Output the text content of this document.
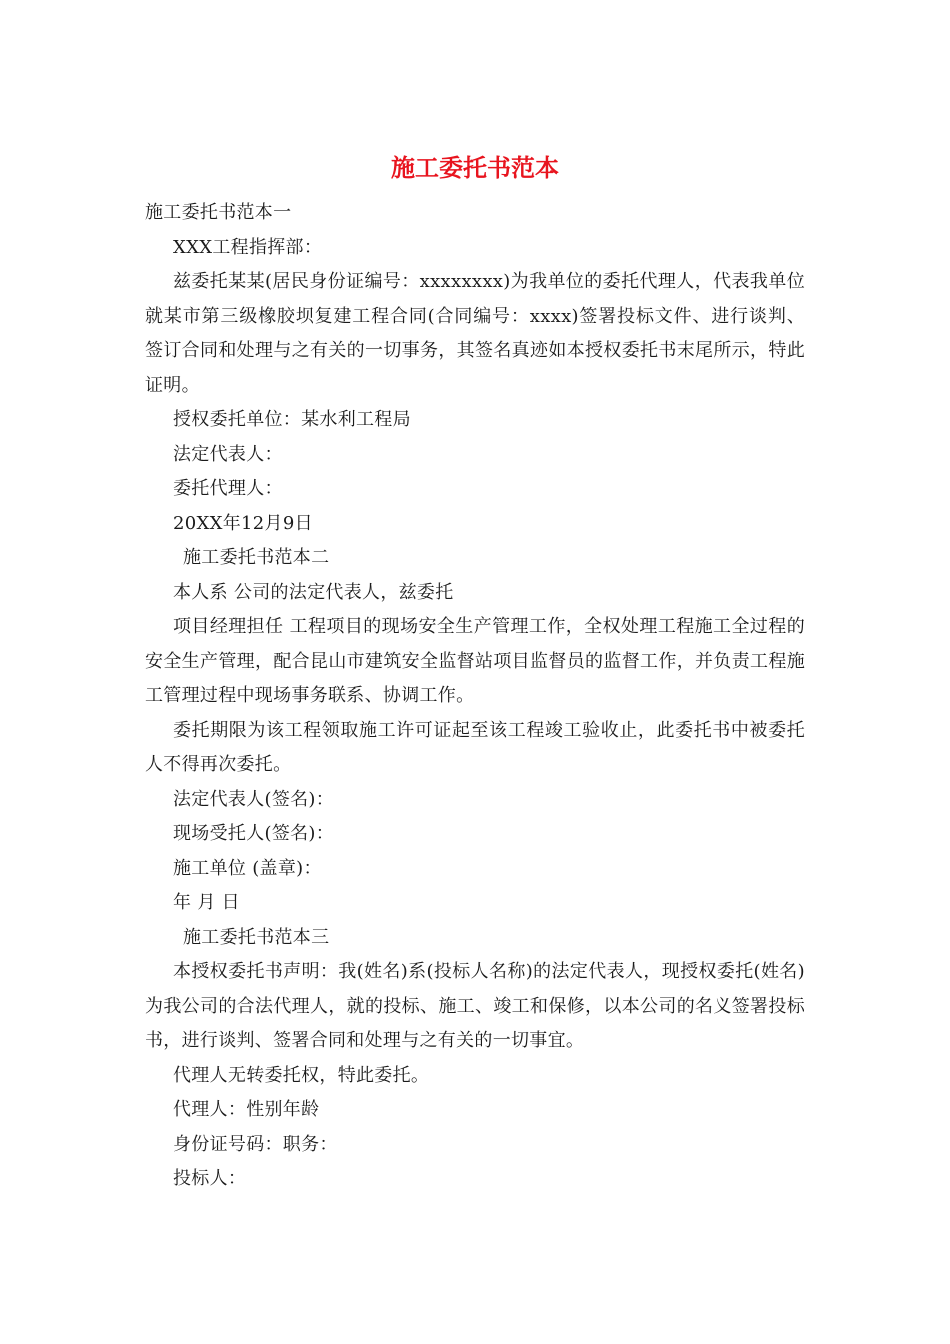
施工委托书范本

施工委托书范本一

XXX工程指挥部：

兹委托某某(居民身份证编号：xxxxxxxx)为我单位的委托代理人，代表我单位就某市第三级橡胶坝复建工程合同(合同编号：xxxx)签署投标文件、进行谈判、签订合同和处理与之有关的一切事务，其签名真迹如本授权委托书末尾所示，特此证明。

授权委托单位：某水利工程局

法定代表人：

委托代理人：

20XX年12月9日

施工委托书范本二

本人系 公司的法定代表人，兹委托

项目经理担任 工程项目的现场安全生产管理工作，全权处理工程施工全过程的安全生产管理，配合昆山市建筑安全监督站项目监督员的监督工作，并负责工程施工管理过程中现场事务联系、协调工作。

委托期限为该工程领取施工许可证起至该工程竣工验收止，此委托书中被委托人不得再次委托。

法定代表人(签名)：

现场受托人(签名)：

施工单位 (盖章)：

年 月 日

施工委托书范本三

本授权委托书声明：我(姓名)系(投标人名称)的法定代表人，现授权委托(姓名)为我公司的合法代理人，就的投标、施工、竣工和保修，以本公司的名义签署投标书，进行谈判、签署合同和处理与之有关的一切事宜。

代理人无转委托权，特此委托。

代理人：性别年龄

身份证号码：职务：

投标人：
